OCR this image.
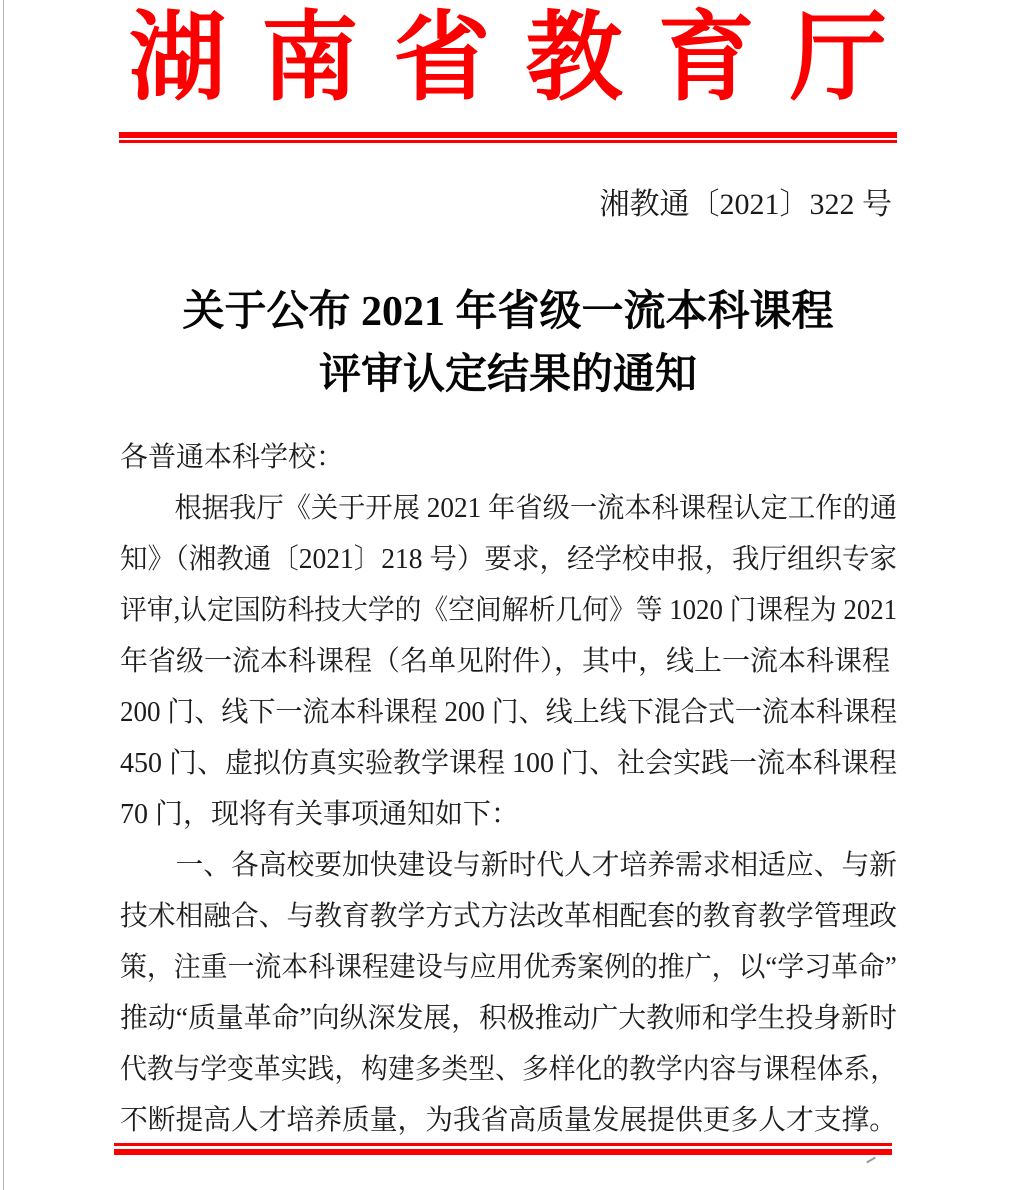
湖 南 省 教 育 厅
湘教通〔2021〕322 号
关于公布 2021 年省级一流本科课程
评审认定结果的通知
各普通本科学校：
根据我厅《关于开展 2021 年省级一流本科课程认定工作的通
知》（湘教通〔2021〕218 号）要求，经学校申报，我厅组织专家
评审,认定国防科技大学的《空间解析几何》等 1020 门课程为 2021
年省级一流本科课程（名单见附件），其中，线上一流本科课程
200 门、线下一流本科课程 200 门、线上线下混合式一流本科课程
450 门、虚拟仿真实验教学课程 100 门、社会实践一流本科课程
70 门，现将有关事项通知如下：
一、各高校要加快建设与新时代人才培养需求相适应、与新
技术相融合、与教育教学方式方法改革相配套的教育教学管理政
策，注重一流本科课程建设与应用优秀案例的推广，以“学习革命”
推动“质量革命”向纵深发展，积极推动广大教师和学生投身新时
代教与学变革实践，构建多类型、多样化的教学内容与课程体系，
不断提高人才培养质量，为我省高质量发展提供更多人才支撑。
